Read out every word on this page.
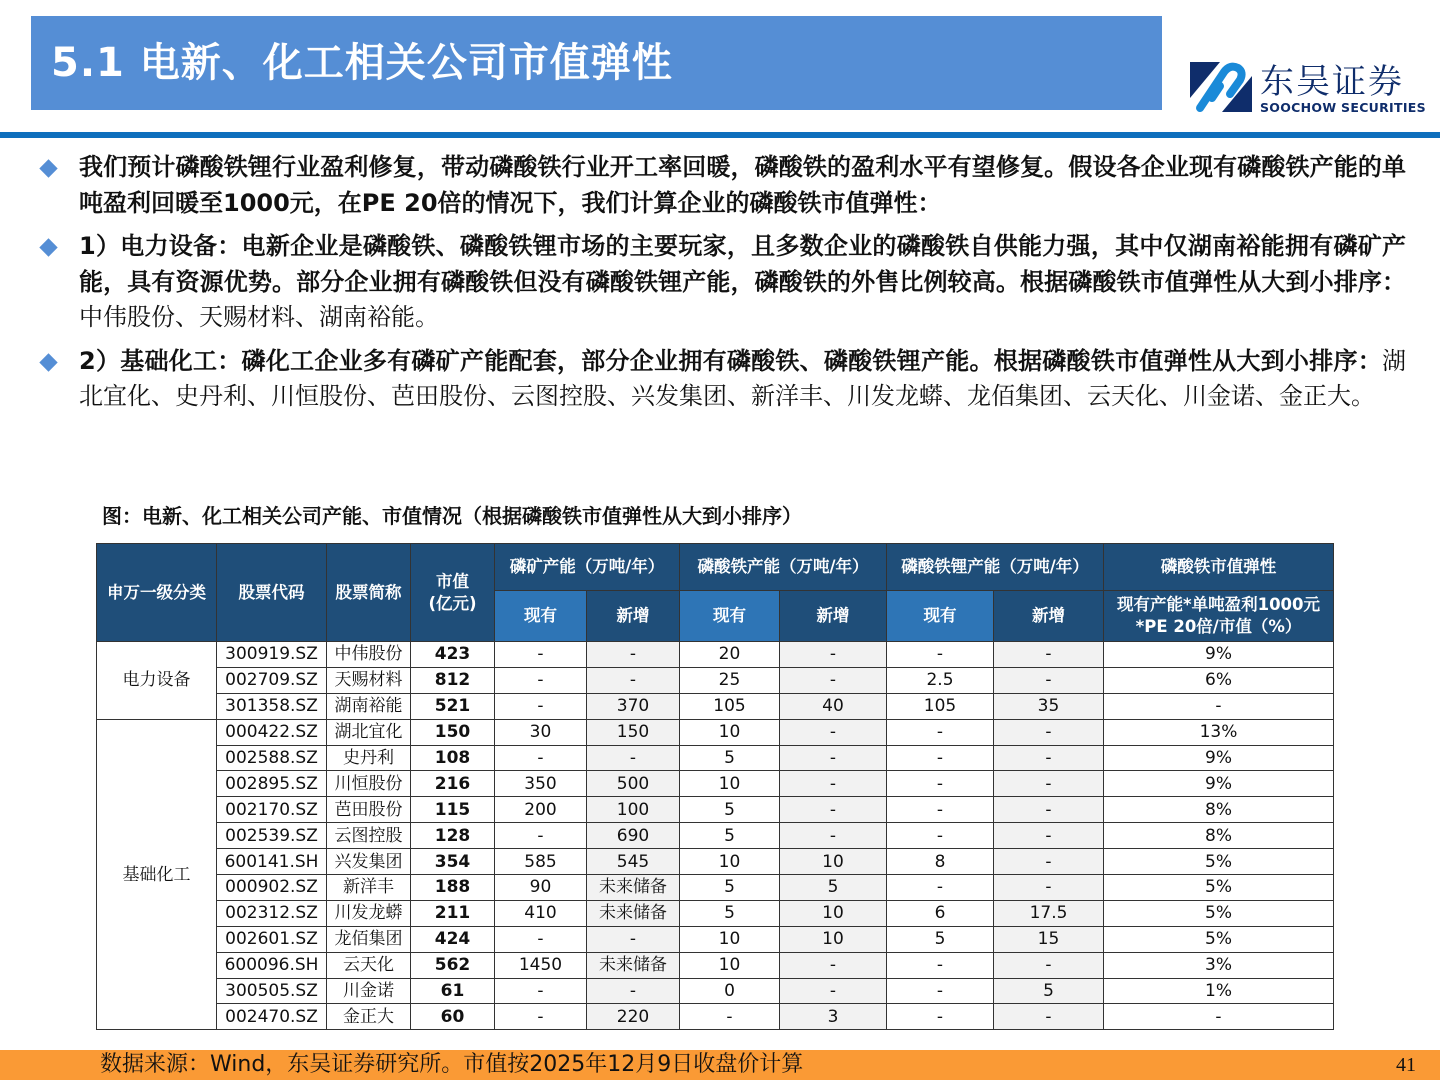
5.1 电新、化工相关公司市值弹性	东吴证券
SOOCHOW SECURITIES

我们预计磷酸铁锂行业盈利修复，带动磷酸铁行业开工率回暖，磷酸铁的盈利水平有望修复。假设各企业现有磷酸铁产能的单吨盈利回暖至1000元，在PE 20倍的情况下，我们计算企业的磷酸铁市值弹性：

1）电力设备：电新企业是磷酸铁、磷酸铁锂市场的主要玩家，且多数企业的磷酸铁自供能力强，其中仅湖南裕能拥有磷矿产能，具有资源优势。部分企业拥有磷酸铁但没有磷酸铁锂产能，磷酸铁的外售比例较高。根据磷酸铁市值弹性从大到小排序：中伟股份、天赐材料、湖南裕能。

2）基础化工：磷化工企业多有磷矿产能配套，部分企业拥有磷酸铁、磷酸铁锂产能。根据磷酸铁市值弹性从大到小排序：湖北宜化、史丹利、川恒股份、芭田股份、云图控股、兴发集团、新洋丰、川发龙蟒、龙佰集团、云天化、川金诺、金正大。

图：电新、化工相关公司产能、市值情况（根据磷酸铁市值弹性从大到小排序）
申万一级分类	股票代码	股票简称	市值
(亿元)	磷矿产能（万吨/年）		磷酸铁产能（万吨/年）		磷酸铁锂产能（万吨/年）		磷酸铁市值弹性
				现有	新增	现有	新增	现有	新增	现有产能*单吨盈利1000元
*PE 20倍/市值（%）
电力设备	300919.SZ	中伟股份	423	-	-	20	-	-	-	9%
	002709.SZ	天赐材料	812	-	-	25	-	2.5	-	6%
	301358.SZ	湖南裕能	521	-	370	105	40	105	35	-
基础化工	000422.SZ	湖北宜化	150	30	150	10	-	-	-	13%
	002588.SZ	史丹利	108	-	-	5	-	-	-	9%
	002895.SZ	川恒股份	216	350	500	10	-	-	-	9%
	002170.SZ	芭田股份	115	200	100	5	-	-	-	8%
	002539.SZ	云图控股	128	-	690	5	-	-	-	8%
	600141.SH	兴发集团	354	585	545	10	10	8	-	5%
	000902.SZ	新洋丰	188	90	未来储备	5	5	-	-	5%
	002312.SZ	川发龙蟒	211	410	未来储备	5	10	6	17.5	5%
	002601.SZ	龙佰集团	424	-	-	10	10	5	15	5%
	600096.SH	云天化	562	1450	未来储备	10	-	-	-	3%
	300505.SZ	川金诺	61	-	-	0	-	-	5	1%
	002470.SZ	金正大	60	-	220	-	3	-	-	-
数据来源：Wind，东吴证券研究所。市值按2025年12月9日收盘价计算	41
